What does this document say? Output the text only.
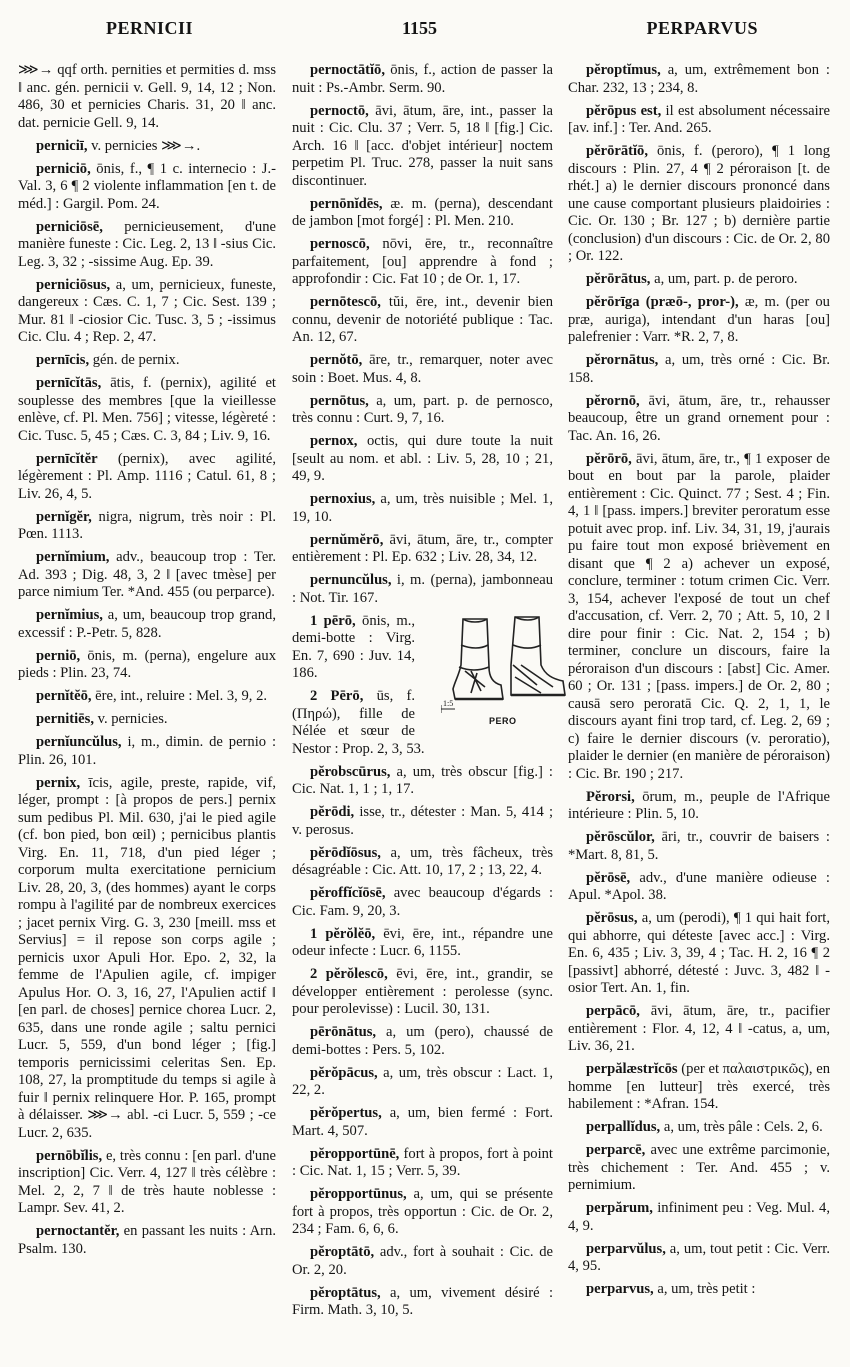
PERNICII	1155	PERPARVUS

⋙→ qqf orth. pernities et permities d. mss ‖ anc. gén. pernicii v. Gell. 9, 14, 12 ; Non. 486, 30 et pernicies Charis. 31, 20 ‖ anc. dat. pernicie Gell. 9, 14.

perniciī, v. pernicies ⋙→.

perniciō, ōnis, f., ¶ 1 c. internecio : J.-Val. 3, 6 ¶ 2 violente inflammation [en t. de méd.] : Gargil. Pom. 24.

perniciōsē, pernicieusement, d'une manière funeste : Cic. Leg. 2, 13 ‖ -sius Cic. Leg. 3, 32 ; -sissime Aug. Ep. 39.

perniciōsus, a, um, pernicieux, funeste, dangereux : Cæs. C. 1, 7 ; Cic. Sest. 139 ; Mur. 81 ‖ -ciosior Cic. Tusc. 3, 5 ; -issimus Cic. Clu. 4 ; Rep. 2, 47.

pernīcis, gén. de pernix.

pernīcĭtās, ātis, f. (pernix), agilité et souplesse des membres [que la vieillesse enlève, cf. Pl. Men. 756] ; vitesse, légèreté : Cic. Tusc. 5, 45 ; Cæs. C. 3, 84 ; Liv. 9, 16.

pernīcĭtĕr (pernix), avec agilité, légèrement : Pl. Amp. 1116 ; Catul. 61, 8 ; Liv. 26, 4, 5.

pernĭgĕr, nigra, nigrum, très noir : Pl. Pœn. 1113.

pernĭmium, adv., beaucoup trop : Ter. Ad. 393 ; Dig. 48, 3, 2 ‖ [avec tmèse] per parce nimium Ter. *And. 455 (ou perparce).

pernĭmius, a, um, beaucoup trop grand, excessif : P.-Petr. 5, 828.

perniō, ōnis, m. (perna), engelure aux pieds : Plin. 23, 74.

pernĭtĕō, ēre, int., reluire : Mel. 3, 9, 2.

pernitiēs, v. pernicies.

pernĭuncŭlus, i, m., dimin. de pernio : Plin. 26, 101.

pernix, īcis, agile, preste, rapide, vif, léger, prompt : [à propos de pers.] pernix sum pedibus Pl. Mil. 630, j'ai le pied agile (cf. bon pied, bon œil) ; pernicibus plantis Virg. En. 11, 718, d'un pied léger ; corporum multa exercitatione pernicium Liv. 28, 20, 3, (des hommes) ayant le corps rompu à l'agilité par de nombreux exercices ; jacet pernix Virg. G. 3, 230 [meill. mss et Servius] = il repose son corps agile ; pernicis uxor Apuli Hor. Epo. 2, 32, la femme de l'Apulien agile, cf. impiger Apulus Hor. O. 3, 16, 27, l'Apulien actif ‖ [en parl. de choses] pernice chorea Lucr. 2, 635, dans une ronde agile ; saltu pernici Lucr. 5, 559, d'un bond léger ; [fig.] temporis pernicissimi celeritas Sen. Ep. 108, 27, la promptitude du temps si agile à fuir ‖ pernix relinquere Hor. P. 165, prompt à délaisser. ⋙→ abl. -ci Lucr. 5, 559 ; -ce Lucr. 2, 635.

pernōbĭlis, e, très connu : [en parl. d'une inscription] Cic. Verr. 4, 127 ‖ très célèbre : Mel. 2, 2, 7 ‖ de très haute noblesse : Lampr. Sev. 41, 2.

pernoctantĕr, en passant les nuits : Arn. Psalm. 130.

pernoctātĭō, ōnis, f., action de passer la nuit : Ps.-Ambr. Serm. 90.

pernoctō, āvi, ātum, āre, int., passer la nuit : Cic. Clu. 37 ; Verr. 5, 18 ‖ [fig.] Cic. Arch. 16 ‖ [acc. d'objet intérieur] noctem perpetim Pl. Truc. 278, passer la nuit sans discontinuer.

pernōnĭdēs, æ. m. (perna), descendant de jambon [mot forgé] : Pl. Men. 210.

pernoscō, nōvi, ēre, tr., reconnaître parfaitement, [ou] apprendre à fond ; approfondir : Cic. Fat 10 ; de Or. 1, 17.

pernōtescō, tŭi, ēre, int., devenir bien connu, devenir de notoriété publique : Tac. An. 12, 67.

pernŏtō, āre, tr., remarquer, noter avec soin : Boet. Mus. 4, 8.

pernōtus, a, um, part. p. de pernosco, très connu : Curt. 9, 7, 16.

pernox, octis, qui dure toute la nuit [seult au nom. et abl. : Liv. 5, 28, 10 ; 21, 49, 9.

pernoxius, a, um, très nuisible ; Mel. 1, 19, 10.

pernŭmĕrō, āvi, ātum, āre, tr., compter entièrement : Pl. Ep. 632 ; Liv. 28, 34, 12.

pernuncŭlus, i, m. (perna), jambonneau : Not. Tir. 167.

1:5
PERO
1 pērō, ōnis, m., demi-botte : Virg. En. 7, 690 : Juv. 14, 186.

2 Pērō, ūs, f. (Πηρώ), fille de Nélée et sœur de Nestor : Prop. 2, 3, 53.

pĕrobscūrus, a, um, très obscur [fig.] : Cic. Nat. 1, 1 ; 1, 17.

pĕrōdi, isse, tr., détester : Man. 5, 414 ; v. perosus.

pĕrōdĭōsus, a, um, très fâcheux, très désagréable : Cic. Att. 10, 17, 2 ; 13, 22, 4.

pĕroffĭcĭōsē, avec beaucoup d'égards : Cic. Fam. 9, 20, 3.

1 pĕrŏlĕō, ēvi, ēre, int., répandre une odeur infecte : Lucr. 6, 1155.

2 pĕrŏlescō, ēvi, ēre, int., grandir, se développer entièrement : perolesse (sync. pour perolevisse) : Lucil. 30, 131.

pērōnātus, a, um (pero), chaussé de demi-bottes : Pers. 5, 102.

pĕrŏpācus, a, um, très obscur : Lact. 1, 22, 2.

pĕrŏpertus, a, um, bien fermé : Fort. Mart. 4, 507.

pĕropportūnē, fort à propos, fort à point : Cic. Nat. 1, 15 ; Verr. 5, 39.

pĕropportūnus, a, um, qui se présente fort à propos, très opportun : Cic. de Or. 2, 234 ; Fam. 6, 6, 6.

pĕroptātō, adv., fort à souhait : Cic. de Or. 2, 20.

pĕroptātus, a, um, vivement désiré : Firm. Math. 3, 10, 5.

pĕroptĭmus, a, um, extrêmement bon : Char. 232, 13 ; 234, 8.

pĕrōpus est, il est absolument nécessaire [av. inf.] : Ter. And. 265.

pĕrōrātĭō, ōnis, f. (peroro), ¶ 1 long discours : Plin. 27, 4 ¶ 2 péroraison [t. de rhét.] a) le dernier discours prononcé dans une cause comportant plusieurs plaidoiries : Cic. Or. 130 ; Br. 127 ; b) dernière partie (conclusion) d'un discours : Cic. de Or. 2, 80 ; Or. 122.

pĕrōrātus, a, um, part. p. de peroro.

pĕrōrīga (præō-, pror-), æ, m. (per ou præ, auriga), intendant d'un haras [ou] palefrenier : Varr. *R. 2, 7, 8.

pĕrornātus, a, um, très orné : Cic. Br. 158.

pĕrornō, āvi, ātum, āre, tr., rehausser beaucoup, être un grand ornement pour : Tac. An. 16, 26.

pĕrōrō, āvi, ātum, āre, tr., ¶ 1 exposer de bout en bout par la parole, plaider entièrement : Cic. Quinct. 77 ; Sest. 4 ; Fin. 4, 1 ‖ [pass. impers.] breviter peroratum esse potuit avec prop. inf. Liv. 34, 31, 19, j'aurais pu faire tout mon exposé brièvement en disant que ¶ 2 a) achever un exposé, conclure, terminer : totum crimen Cic. Verr. 3, 154, achever l'exposé de tout un chef d'accusation, cf. Verr. 2, 70 ; Att. 5, 10, 2 ‖ dire pour finir : Cic. Nat. 2, 154 ; b) terminer, conclure un discours, faire la péroraison d'un discours : [abst] Cic. Amer. 60 ; Or. 131 ; [pass. impers.] de Or. 2, 80 ; causā sero peroratā Cic. Q. 2, 1, 1, le discours ayant fini trop tard, cf. Leg. 2, 69 ; c) faire le dernier discours (v. peroratio), plaider le dernier (en manière de péroraison) : Cic. Br. 190 ; 217.

Pĕrorsi, ōrum, m., peuple de l'Afrique intérieure : Plin. 5, 10.

pĕrōscŭlor, āri, tr., couvrir de baisers : *Mart. 8, 81, 5.

pĕrōsē, adv., d'une manière odieuse : Apul. *Apol. 38.

pĕrōsus, a, um (perodi), ¶ 1 qui hait fort, qui abhorre, qui déteste [avec acc.] : Virg. En. 6, 435 ; Liv. 3, 39, 4 ; Tac. H. 2, 16 ¶ 2 [passivt] abhorré, détesté : Juvc. 3, 482 ‖ -osior Tert. An. 1, fin.

perpācō, āvi, ātum, āre, tr., pacifier entièrement : Flor. 4, 12, 4 ‖ -catus, a, um, Liv. 36, 21.

perpălæstrĭcōs (per et παλαιστρικῶς), en homme [en lutteur] très exercé, très habilement : *Afran. 154.

perpallĭdus, a, um, très pâle : Cels. 2, 6.

perparcē, avec une extrême parcimonie, très chichement : Ter. And. 455 ; v. pernimium.

perpărum, infiniment peu : Veg. Mul. 4, 4, 9.

perparvŭlus, a, um, tout petit : Cic. Verr. 4, 95.

perparvus, a, um, très petit :
